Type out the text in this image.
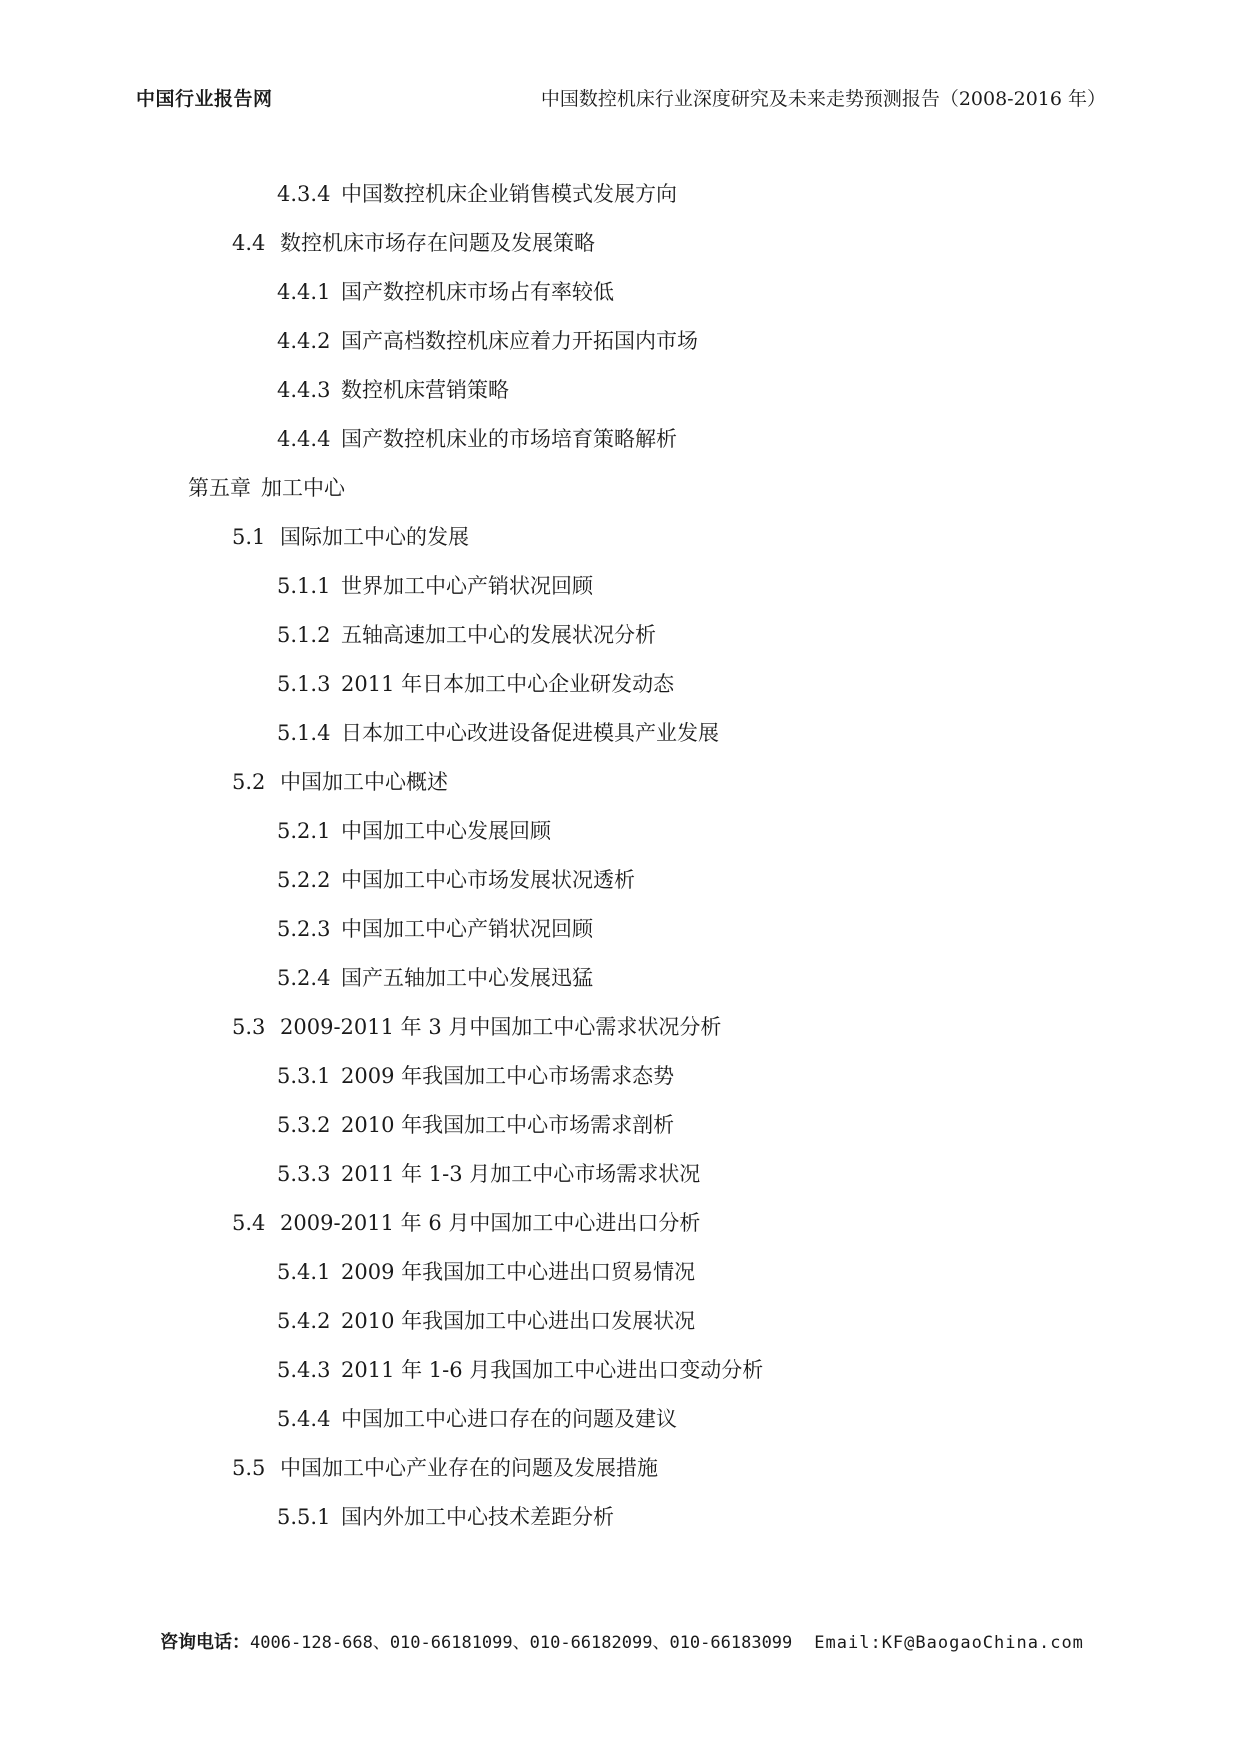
中国行业报告网	中国数控机床行业深度研究及未来走势预测报告（2008-2016 年）
4.3.4 中国数控机床企业销售模式发展方向
4.4 数控机床市场存在问题及发展策略
4.4.1 国产数控机床市场占有率较低
4.4.2 国产高档数控机床应着力开拓国内市场
4.4.3 数控机床营销策略
4.4.4 国产数控机床业的市场培育策略解析
第五章 加工中心
5.1 国际加工中心的发展
5.1.1 世界加工中心产销状况回顾
5.1.2 五轴高速加工中心的发展状况分析
5.1.3 2011 年日本加工中心企业研发动态
5.1.4 日本加工中心改进设备促进模具产业发展
5.2 中国加工中心概述
5.2.1 中国加工中心发展回顾
5.2.2 中国加工中心市场发展状况透析
5.2.3 中国加工中心产销状况回顾
5.2.4 国产五轴加工中心发展迅猛
5.3 2009-2011 年 3 月中国加工中心需求状况分析
5.3.1 2009 年我国加工中心市场需求态势
5.3.2 2010 年我国加工中心市场需求剖析
5.3.3 2011 年 1-3 月加工中心市场需求状况
5.4 2009-2011 年 6 月中国加工中心进出口分析
5.4.1 2009 年我国加工中心进出口贸易情况
5.4.2 2010 年我国加工中心进出口发展状况
5.4.3 2011 年 1-6 月我国加工中心进出口变动分析
5.4.4 中国加工中心进口存在的问题及建议
5.5 中国加工中心产业存在的问题及发展措施
5.5.1 国内外加工中心技术差距分析
咨询电话：4006-128-668、010-66181099、010-66182099、010-66183099 Email:KF@BaogaoChina.com
